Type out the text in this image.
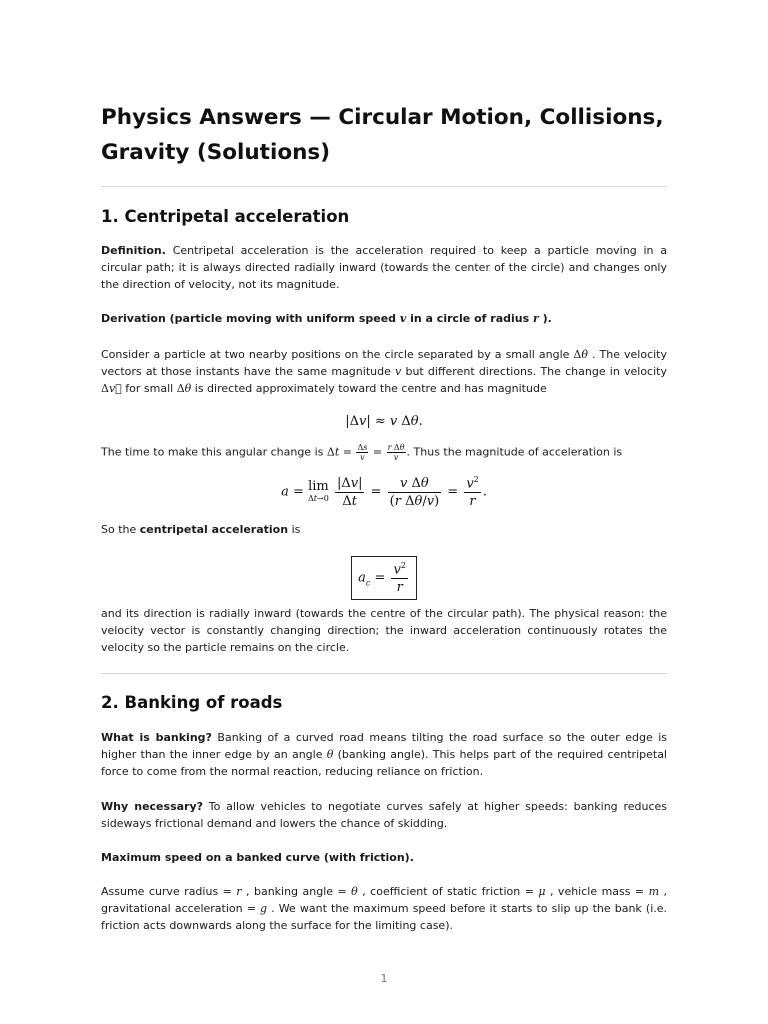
Physics Answers — Circular Motion, Collisions, Gravity (Solutions)
1. Centripetal acceleration

Definition. Centripetal acceleration is the acceleration required to keep a particle moving in a circular path; it is always directed radially inward (towards the center of the circle) and changes only the direction of velocity, not its magnitude.

Derivation (particle moving with uniform speed v in a circle of radius r ).

Consider a particle at two nearby positions on the circle separated by a small angle Δθ . The velocity vectors at those instants have the same magnitude v but different directions. The change in velocity Δv⃗ for small Δθ is directed approximately toward the centre and has magnitude

|Δv| ≈ v Δθ.

The time to make this angular change is $\Delta t = \frac{\Delta s}{v} = \frac{\text{r Δθ}}{v}$ . Thus the magnitude of acceleration is

a = lim
Δt→0
$\frac{|\Delta v|}{\Delta t} = \frac{\text{v Δθ}}{\text{(r Δθ/v)}} = \frac{v^2}{r}$ .

So the centripetal acceleration is

$a_c = \frac{v^2}{r}$

and its direction is radially inward (towards the centre of the circular path). The physical reason: the velocity vector is constantly changing direction; the inward acceleration continuously rotates the velocity so the particle remains on the circle.

2. Banking of roads

What is banking? Banking of a curved road means tilting the road surface so the outer edge is higher than the inner edge by an angle θ (banking angle). This helps part of the required centripetal force to come from the normal reaction, reducing reliance on friction.

Why necessary? To allow vehicles to negotiate curves safely at higher speeds: banking reduces sideways frictional demand and lowers the chance of skidding.

Maximum speed on a banked curve (with friction).

Assume curve radius = r , banking angle = θ , coefficient of static friction = μ , vehicle mass = m , gravitational acceleration = g . We want the maximum speed before it starts to slip up the bank (i.e. friction acts downwards along the surface for the limiting case).

1
